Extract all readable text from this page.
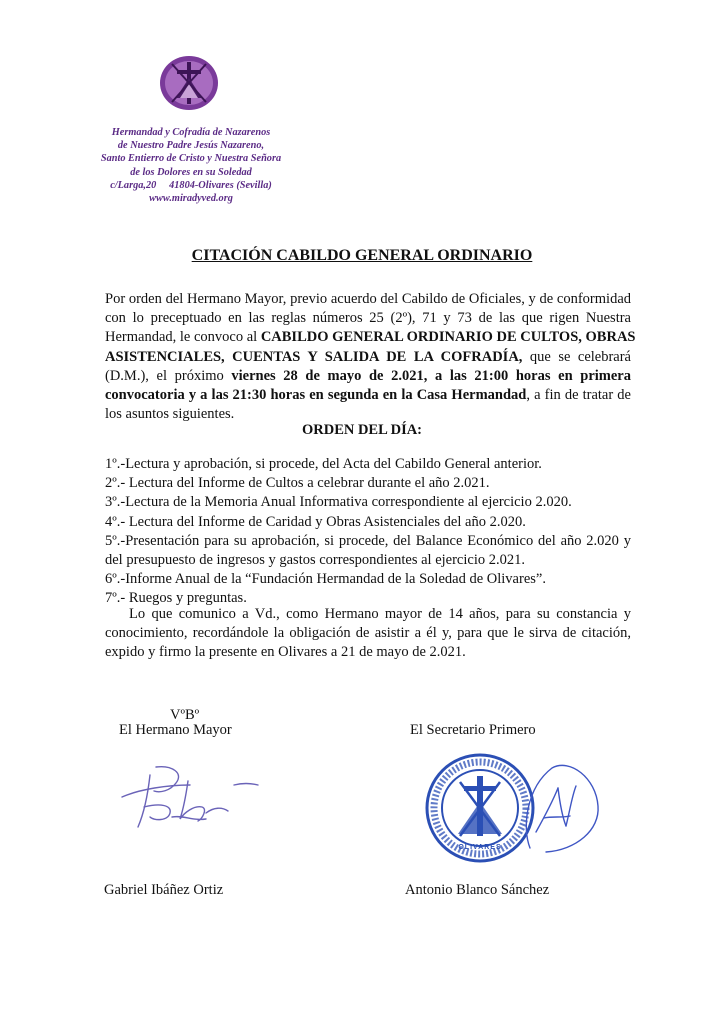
Hermandad y Cofradía de Nazarenos
de Nuestro Padre Jesús Nazareno,
Santo Entierro de Cristo y Nuestra Señora
de los Dolores en su Soledad
c/Larga,20     41804-Olivares (Sevilla)
www.miradyved.org
CITACIÓN CABILDO GENERAL ORDINARIO
Por orden del Hermano Mayor, previo acuerdo del Cabildo de Oficiales, y de conformidad
con lo preceptuado en las reglas números 25 (2º), 71 y 73 de las que rigen Nuestra
Hermandad, le convoco al CABILDO GENERAL ORDINARIO DE CULTOS, OBRAS
ASISTENCIALES, CUENTAS Y SALIDA DE LA COFRADÍA, que se celebrará
(D.M.), el próximo viernes 28 de mayo de 2.021, a las 21:00 horas en primera
convocatoria y a las 21:30 horas en segunda en la Casa Hermandad, a fin de tratar de
los asuntos siguientes.
ORDEN DEL DÍA:
1º.-Lectura y aprobación, si procede, del Acta del Cabildo General anterior.
2º.- Lectura del Informe de Cultos a celebrar durante el año 2.021.
3º.-Lectura de la Memoria Anual Informativa correspondiente al ejercicio 2.020.
4º.- Lectura del Informe de Caridad y Obras Asistenciales del año 2.020.
5º.-Presentación para su aprobación, si procede, del Balance Económico del año 2.020 y
del presupuesto de ingresos y gastos correspondientes al ejercicio 2.021.
6º.-Informe Anual de la “Fundación Hermandad de la Soledad de Olivares”.
7º.- Ruegos y preguntas.
Lo que comunico a Vd., como Hermano mayor de 14 años, para su constancia y
conocimiento, recordándole la obligación de asistir a él y, para que le sirva de citación,
expido y firmo la presente en Olivares a 21 de mayo de 2.021.
VºBº
El Hermano Mayor	El Secretario Primero
OLIVARES
Gabriel Ibáñez Ortiz	Antonio Blanco Sánchez
